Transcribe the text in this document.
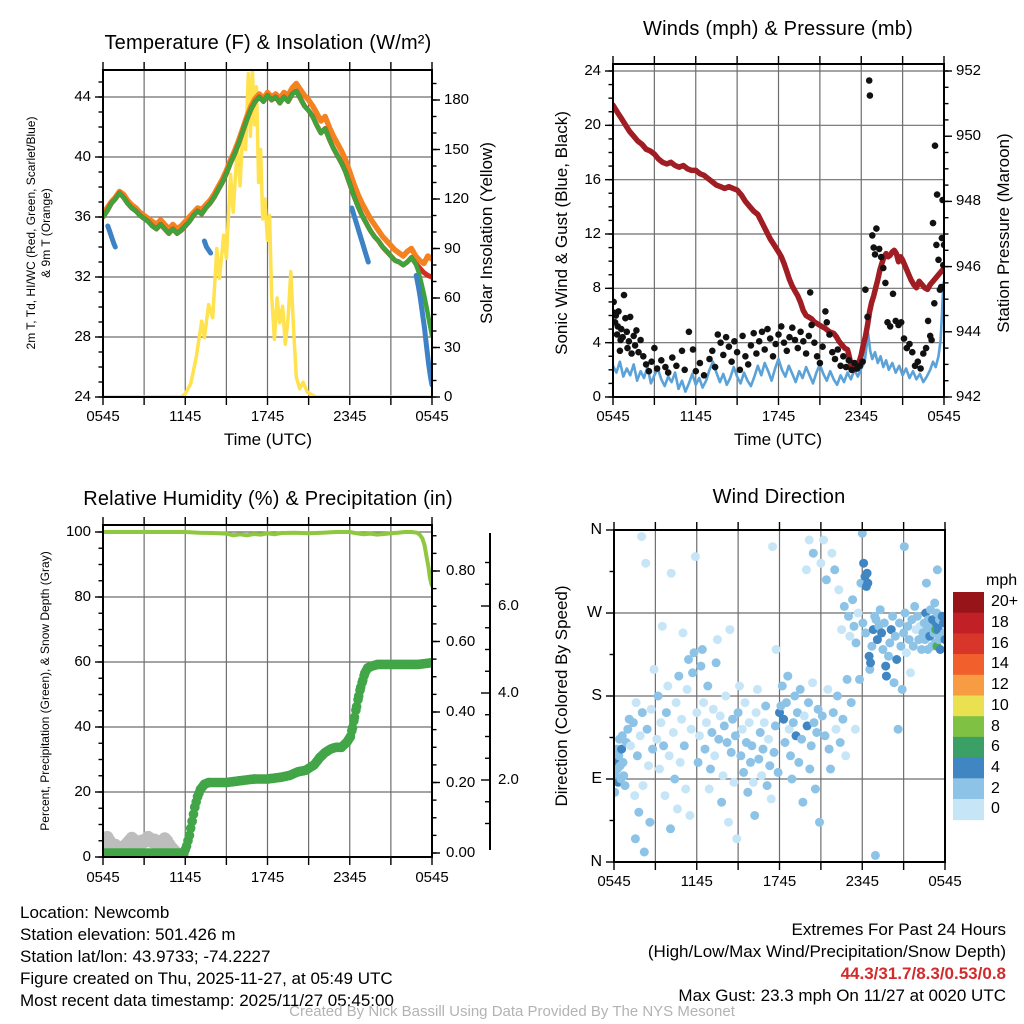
Temperature (F) & Insolation (W/m²)
Winds (mph) & Pressure (mb)
Relative Humidity (%) & Precipitation (in)	Wind Direction
2m T, Td, HI/WC (Red, Green, Scarlet/Blue) & 9m T (Orange)	Solar Insolation (Yellow)	Sonic Wind & Gust (Blue, Black)	Station Pressure (Maroon)
Percent, Precipitation (Green), & Snow Depth (Gray)	Direction (Colored By Speed)
Time (UTC)	Time (UTC)
mph
Location: Newcomb
Station elevation: 501.426 m
Station lat/lon: 43.9733; -74.2227
Figure created on Thu, 2025-11-27, at 05:49 UTC
Most recent data timestamp: 2025/11/27 05:45:00
Extremes For Past 24 Hours
(High/Low/Max Wind/Precipitation/Snow Depth)
44.3/31.7/8.3/0.53/0.8
Max Gust: 23.3 mph On 11/27 at 0020 UTC
Created By Nick Bassill Using Data Provided By The NYS Mesonet
44
40
36
32
28
24
180
150
120
90
60
30
0
0545	1145	1745	2345	0545
24
20
16
12
8
4
0
952
950
948
946
944
942
0545	1145	1745	2345	0545
100
80
60
40
20
0
0.80
0.60
0.40
0.20
0.00
6.0
4.0
2.0
0545	1145	1745	2345	0545
N
W
S
E
N
0545	1145	1745	2345	0545
20+
18
16
14
12
10
8
6
4
2
0
